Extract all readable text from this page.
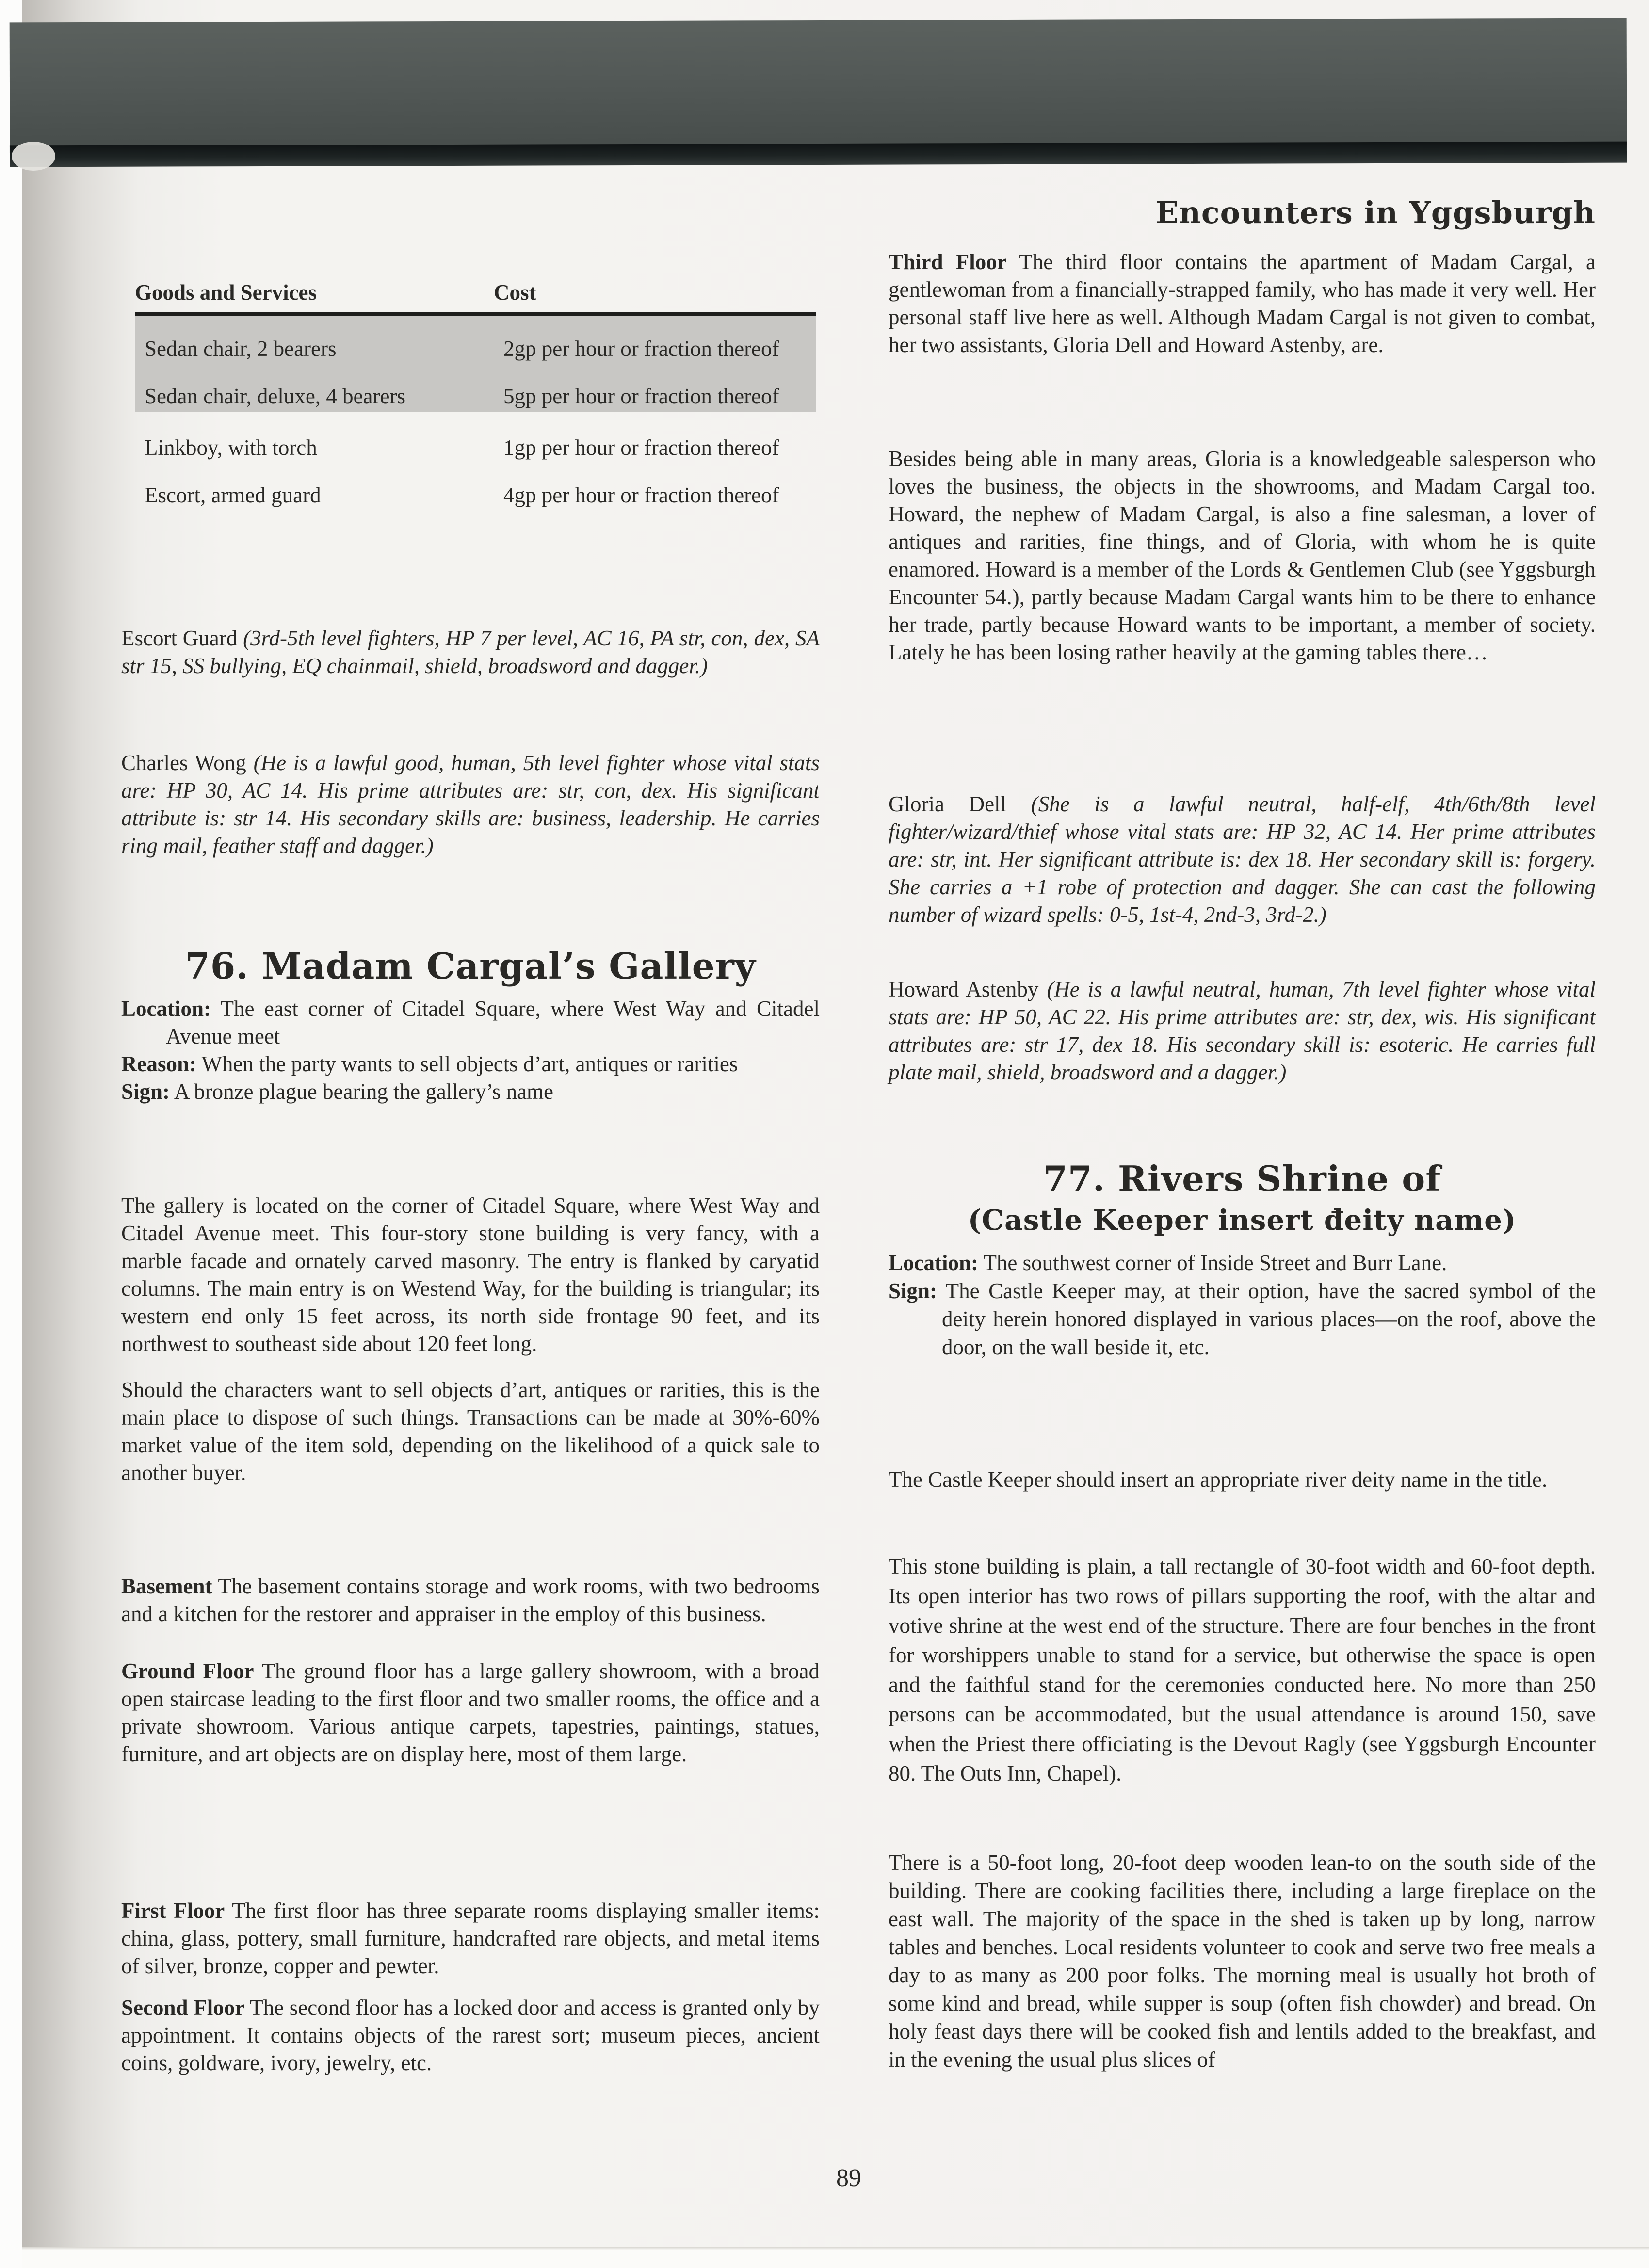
Encounters in Yggsburgh
Goods and Services	Cost
Sedan chair, 2 bearers	2gp per hour or fraction thereof
Sedan chair, deluxe, 4 bearers	5gp per hour or fraction thereof
Linkboy, with torch	1gp per hour or fraction thereof
Escort, armed guard	4gp per hour or fraction thereof

Escort Guard (3rd-5th level fighters, HP 7 per level, AC 16, PA str, con, dex, SA str 15, SS bullying, EQ chainmail, shield, broadsword and dagger.)

Charles Wong (He is a lawful good, human, 5th level fighter whose vital stats are: HP 30, AC 14. His prime attributes are: str, con, dex. His significant attribute is: str 14. His secondary skills are: business, leadership. He carries ring mail, feather staff and dagger.)

76. Madam Cargal’s Gallery

Location: The east corner of Citadel Square, where West Way and Citadel Avenue meet

Reason: When the party wants to sell objects d’art, antiques or rarities

Sign: A bronze plague bearing the gallery’s name

The gallery is located on the corner of Citadel Square, where West Way and Citadel Avenue meet. This four-story stone building is very fancy, with a marble facade and ornately carved masonry. The entry is flanked by caryatid columns. The main entry is on Westend Way, for the building is triangular; its western end only 15 feet across, its north side frontage 90 feet, and its northwest to southeast side about 120 feet long.

Should the characters want to sell objects d’art, antiques or rarities, this is the main place to dispose of such things. Transactions can be made at 30%-60% market value of the item sold, depending on the likelihood of a quick sale to another buyer.

Basement The basement contains storage and work rooms, with two bedrooms and a kitchen for the restorer and appraiser in the employ of this business.

Ground Floor The ground floor has a large gallery showroom, with a broad open staircase leading to the first floor and two smaller rooms, the office and a private showroom. Various antique carpets, tapestries, paintings, statues, furniture, and art objects are on display here, most of them large.

First Floor The first floor has three separate rooms displaying smaller items: china, glass, pottery, small furniture, handcrafted rare objects, and metal items of silver, bronze, copper and pewter.

Second Floor The second floor has a locked door and access is granted only by appointment. It contains objects of the rarest sort; museum pieces, ancient coins, goldware, ivory, jewelry, etc.

Third Floor The third floor contains the apartment of Madam Cargal, a gentlewoman from a financially-strapped family, who has made it very well. Her personal staff live here as well. Although Madam Cargal is not given to combat, her two assistants, Gloria Dell and Howard Astenby, are.

Besides being able in many areas, Gloria is a knowledgeable salesperson who loves the business, the objects in the showrooms, and Madam Cargal too. Howard, the nephew of Madam Cargal, is also a fine salesman, a lover of antiques and rarities, fine things, and of Gloria, with whom he is quite enamored. Howard is a member of the Lords & Gentlemen Club (see Yggsburgh Encounter 54.), partly because Madam Cargal wants him to be there to enhance her trade, partly because Howard wants to be important, a member of society. Lately he has been losing rather heavily at the gaming tables there…

Gloria Dell (She is a lawful neutral, half-elf, 4th/6th/8th level fighter/wizard/thief whose vital stats are: HP 32, AC 14. Her prime attributes are: str, int. Her significant attribute is: dex 18. Her secondary skill is: forgery. She carries a +1 robe of protection and dagger. She can cast the following number of wizard spells: 0-5, 1st-4, 2nd-3, 3rd-2.)

Howard Astenby (He is a lawful neutral, human, 7th level fighter whose vital stats are: HP 50, AC 22. His prime attributes are: str, dex, wis. His significant attributes are: str 17, dex 18. His secondary skill is: esoteric. He carries full plate mail, shield, broadsword and a dagger.)

77. Rivers Shrine of
(Castle Keeper insert đeity name)

Location: The southwest corner of Inside Street and Burr Lane.

Sign: The Castle Keeper may, at their option, have the sacred symbol of the deity herein honored displayed in various places—on the roof, above the door, on the wall beside it, etc.

The Castle Keeper should insert an appropriate river deity name in the title.

This stone building is plain, a tall rectangle of 30-foot width and 60-foot depth. Its open interior has two rows of pillars supporting the roof, with the altar and votive shrine at the west end of the structure. There are four benches in the front for worshippers unable to stand for a service, but otherwise the space is open and the faithful stand for the ceremonies conducted here. No more than 250 persons can be accommodated, but the usual attendance is around 150, save when the Priest there officiating is the Devout Ragly (see Yggsburgh Encounter 80. The Outs Inn, Chapel).

There is a 50-foot long, 20-foot deep wooden lean-to on the south side of the building. There are cooking facilities there, including a large fireplace on the east wall. The majority of the space in the shed is taken up by long, narrow tables and benches. Local residents volunteer to cook and serve two free meals a day to as many as 200 poor folks. The morning meal is usually hot broth of some kind and bread, while supper is soup (often fish chowder) and bread. On holy feast days there will be cooked fish and lentils added to the breakfast, and in the evening the usual plus slices of

89
